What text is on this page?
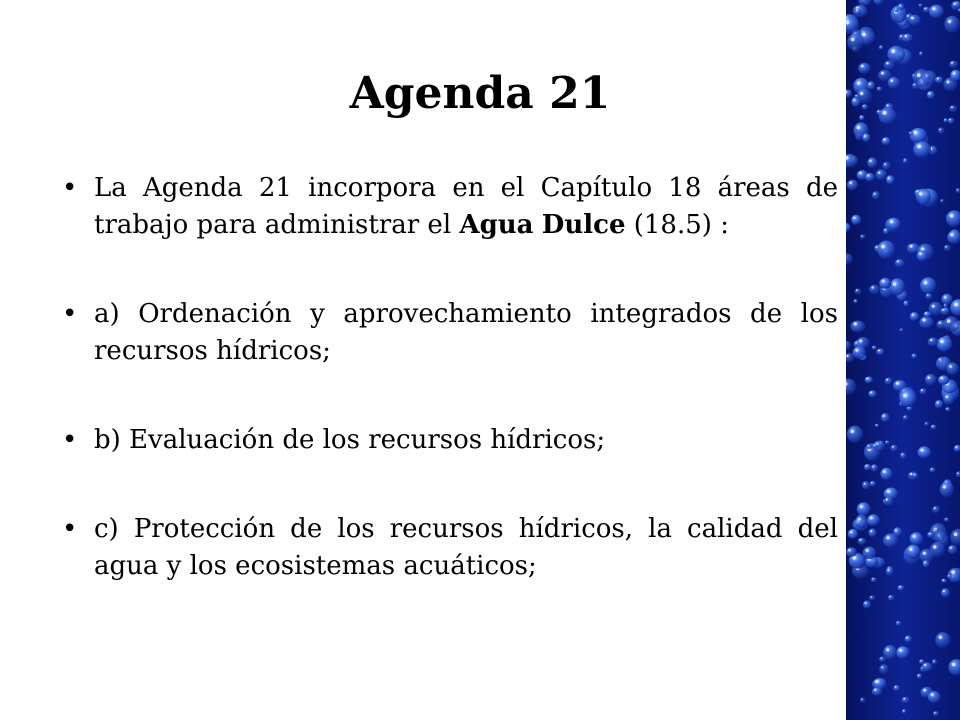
Agenda 21
• La Agenda 21 incorpora en el Capítulo 18 áreas de trabajo para administrar el Agua Dulce (18.5) :
• a) Ordenación y aprovechamiento integrados de los recursos hídricos;
• b) Evaluación de los recursos hídricos;
• c) Protección de los recursos hídricos, la calidad del agua y los ecosistemas acuáticos;
